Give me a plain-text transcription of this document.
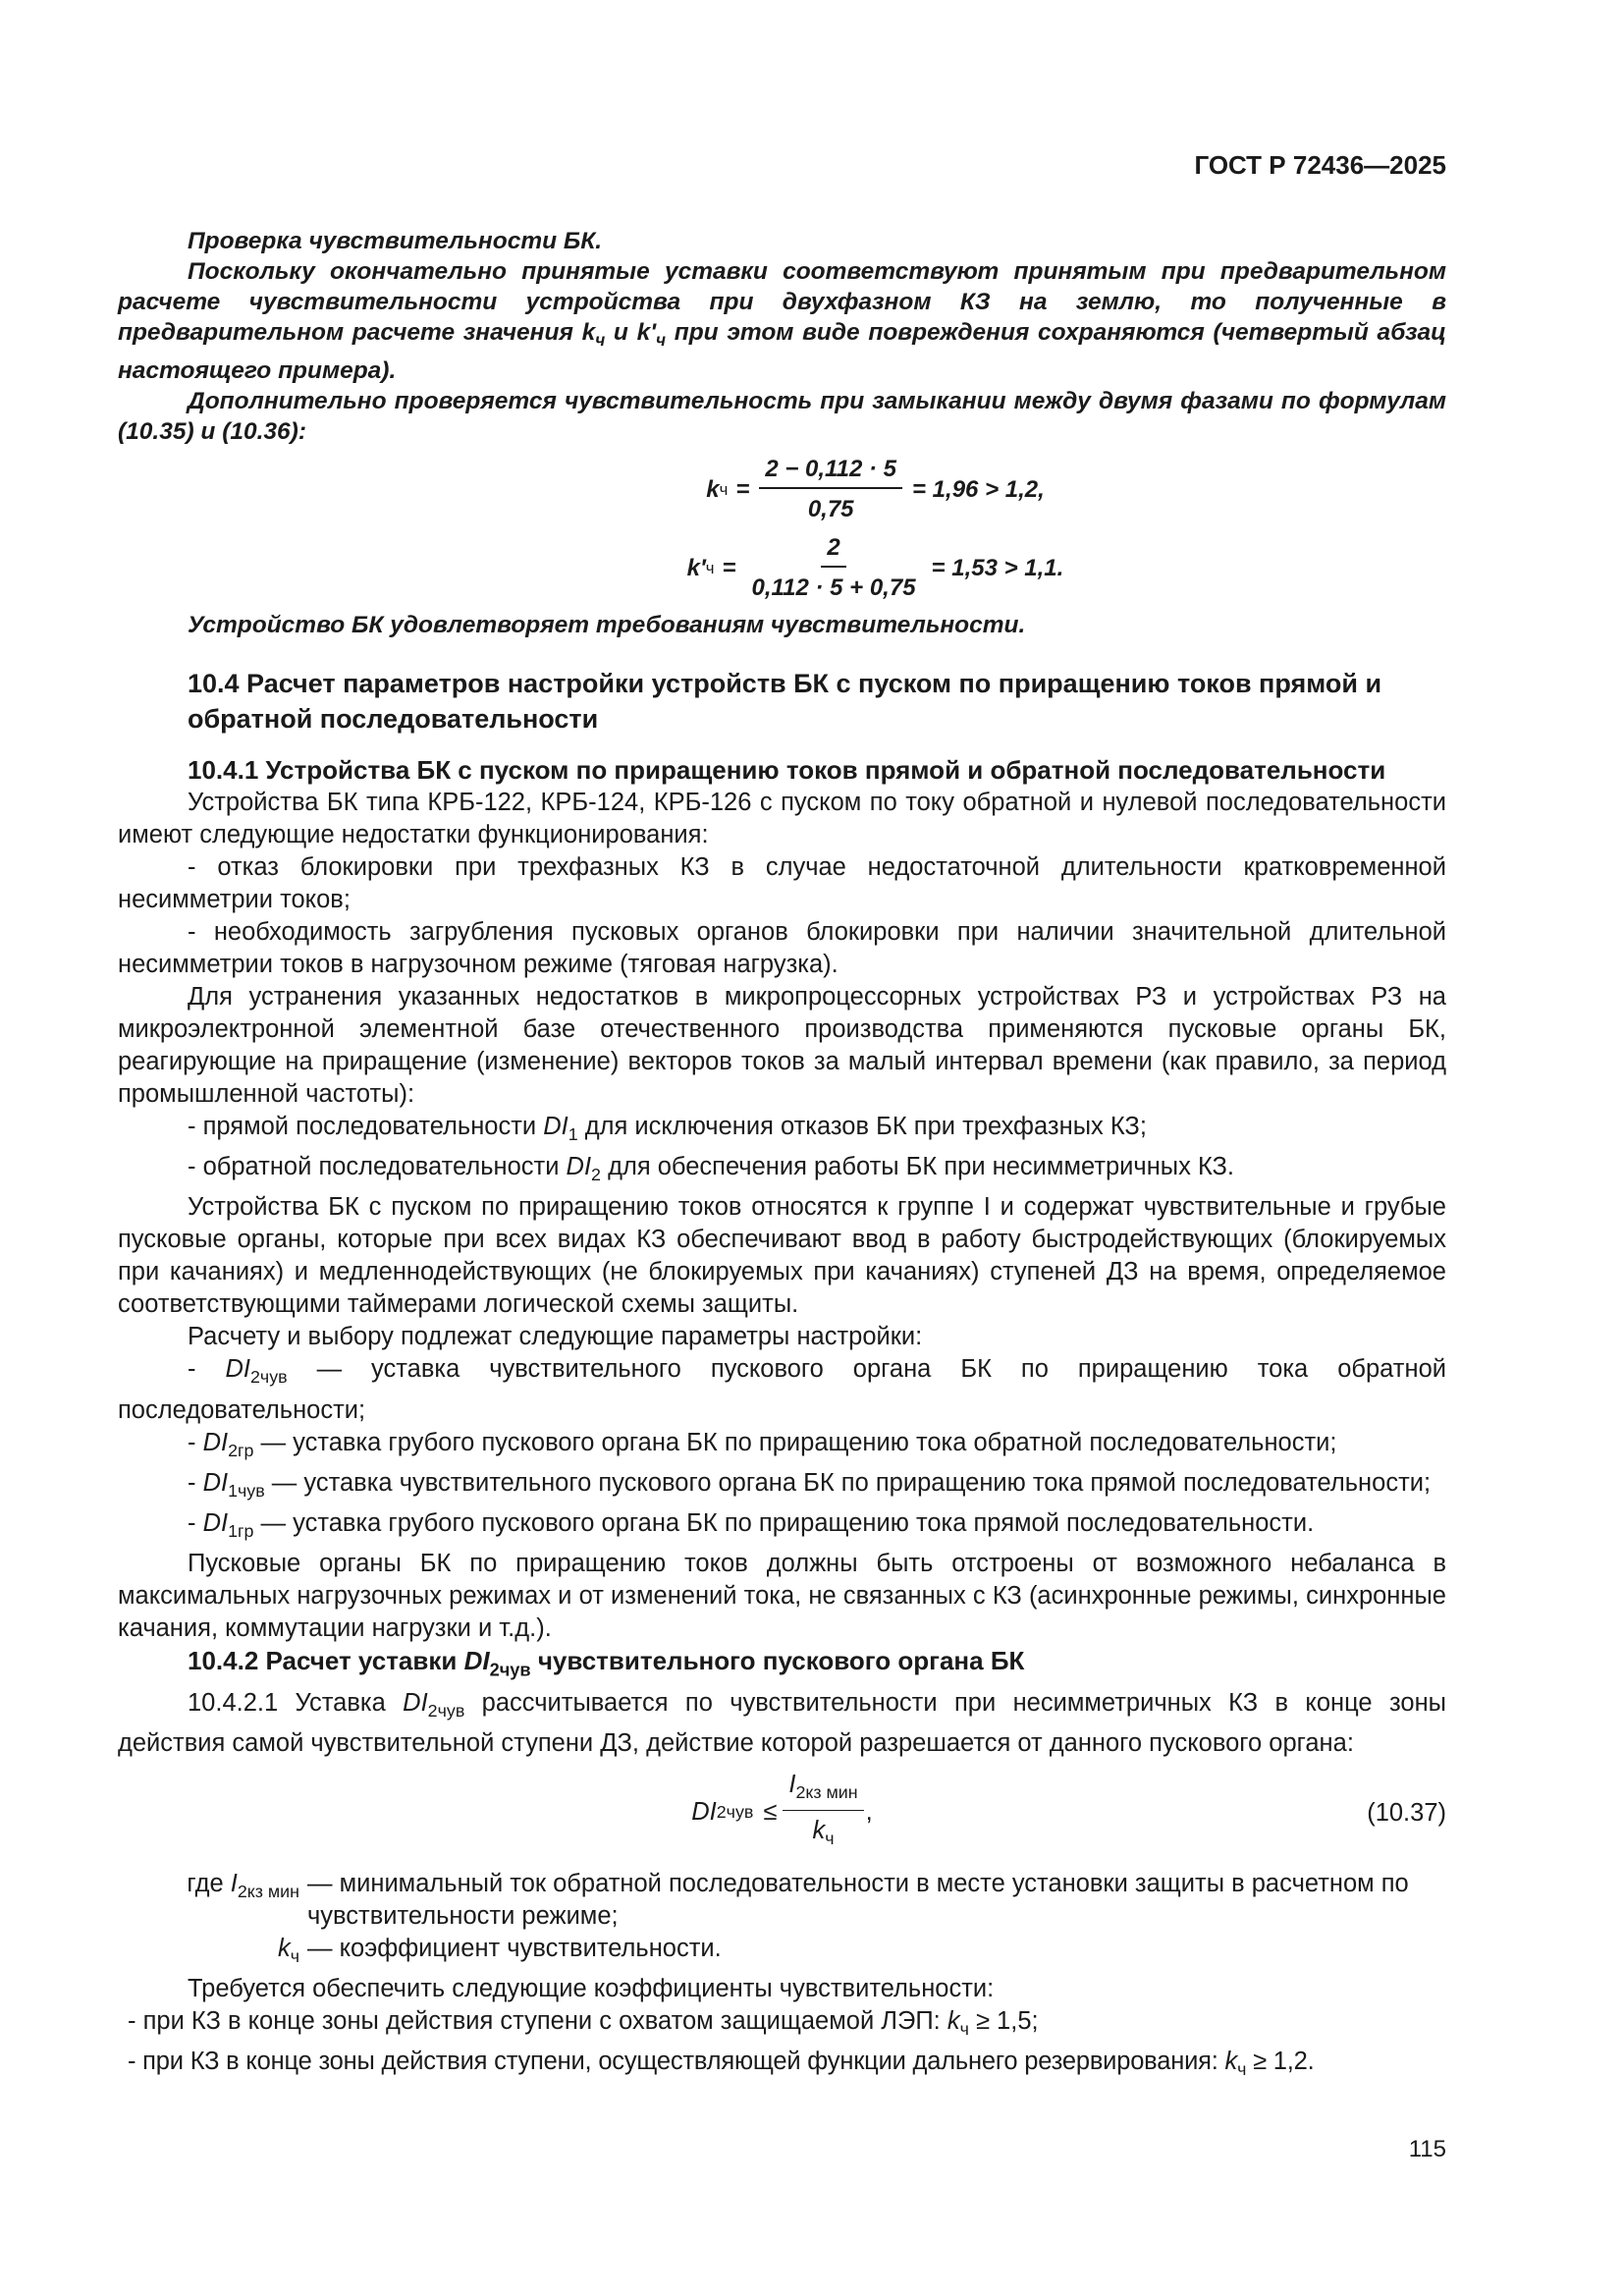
ГОСТ Р 72436—2025

Проверка чувствительности БК.

Поскольку окончательно принятые уставки соответствуют принятым при предварительном расчете чувствительности устройства при двухфазном КЗ на землю, то полученные в предварительном расчете значения $k_ч$ и $k'_ч$ при этом виде повреждения сохраняются (четвертый абзац настоящего примера).

Дополнительно проверяется чувствительность при замыкании между двумя фазами по формулам (10.35) и (10.36):

k $ч = \frac{2 - 0,112 \cdot 5}{0,75} = 1,96 > 1,2$,
k′ $ч = \frac{2}{0,112 \cdot 5 + 0,75} = 1,53 > 1,1$.

Устройство БК удовлетворяет требованиям чувствительности.

10.4 Расчет параметров настройки устройств БК с пуском по приращению токов прямой и обратной последовательности
10.4.1 Устройства БК с пуском по приращению токов прямой и обратной последовательности

Устройства БК типа КРБ-122, КРБ-124, КРБ-126 с пуском по току обратной и нулевой последовательности имеют следующие недостатки функционирования:

- отказ блокировки при трехфазных КЗ в случае недостаточной длительности кратковременной несимметрии токов;

- необходимость загрубления пусковых органов блокировки при наличии значительной длительной несимметрии токов в нагрузочном режиме (тяговая нагрузка).

Для устранения указанных недостатков в микропроцессорных устройствах РЗ и устройствах РЗ на микроэлектронной элементной базе отечественного производства применяются пусковые органы БК, реагирующие на приращение (изменение) векторов токов за малый интервал времени (как правило, за период промышленной частоты):

- прямой последовательности $DI_1$ для исключения отказов БК при трехфазных КЗ;

- обратной последовательности $DI_2$ для обеспечения работы БК при несимметричных КЗ.

Устройства БК с пуском по приращению токов относятся к группе I и содержат чувствительные и грубые пусковые органы, которые при всех видах КЗ обеспечивают ввод в работу быстродействующих (блокируемых при качаниях) и медленнодействующих (не блокируемых при качаниях) ступеней ДЗ на время, определяемое соответствующими таймерами логической схемы защиты.

Расчету и выбору подлежат следующие параметры настройки:

- $DI_{2чув}$ — уставка чувствительного пускового органа БК по приращению тока обратной последовательности;

- $DI_{2гр}$ — уставка грубого пускового органа БК по приращению тока обратной последовательности;

- $DI_{1чув}$ — уставка чувствительного пускового органа БК по приращению тока прямой последовательности;

- $DI_{1гр}$ — уставка грубого пускового органа БК по приращению тока прямой последовательности.

Пусковые органы БК по приращению токов должны быть отстроены от возможного небаланса в максимальных нагрузочных режимах и от изменений тока, не связанных с КЗ (асинхронные режимы, синхронные качания, коммутации нагрузки и т.д.).

10.4.2 Расчет уставки $DI_{2чув}$ чувствительного пускового органа БК

10.4.2.1 Уставка $DI_{2чув}$ рассчитывается по чувствительности при несимметричных КЗ в конце зоны действия самой чувствительной ступени ДЗ, действие которой разрешается от данного пускового органа:

DI $2чув \le \frac{I_{2кз мин}}{k_ч}$ ,	(10.37)
где $I_{2кз мин}$ — минимальный ток обратной последовательности в месте установки защиты в расчетном по чувствительности режиме;
$k_ч$ — коэффициент чувствительности.

Требуется обеспечить следующие коэффициенты чувствительности:

- при КЗ в конце зоны действия ступени с охватом защищаемой ЛЭП: $k_ч \ge 1,5$;

- при КЗ в конце зоны действия ступени, осуществляющей функции дальнего резервирования: $k_ч \ge 1,2$.

115
